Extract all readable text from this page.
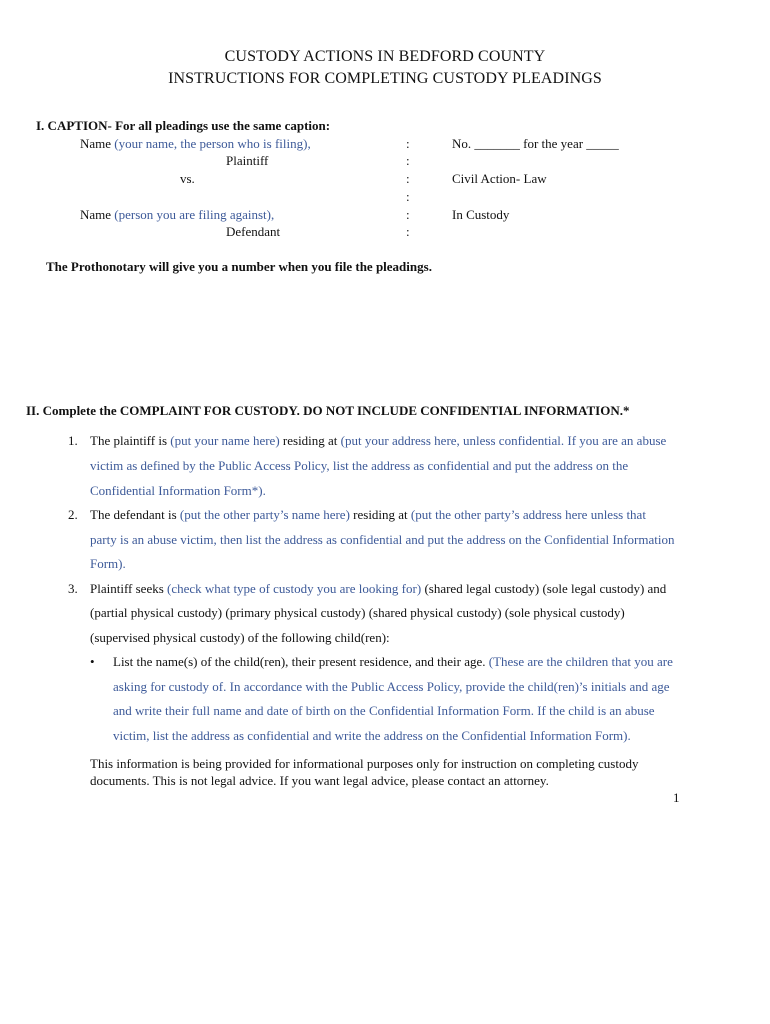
CUSTODY ACTIONS IN BEDFORD COUNTY
INSTRUCTIONS FOR COMPLETING CUSTODY PLEADINGS
I. CAPTION- For all pleadings use the same caption:
Name (your name, the person who is filing),
Plaintiff
vs.
Name (person you are filing against),
Defendant
:
:
:
:
:
:
No. _______ for the year _____
Civil Action- Law
In Custody
The Prothonotary will give you a number when you file the pleadings.
II. Complete the COMPLAINT FOR CUSTODY. DO NOT INCLUDE CONFIDENTIAL INFORMATION.*
1. The plaintiff is (put your name here) residing at (put your address here, unless confidential. If you are an abuse
victim as defined by the Public Access Policy, list the address as confidential and put the address on the
Confidential Information Form*).
2. The defendant is (put the other party’s name here) residing at (put the other party’s address here unless that
party is an abuse victim, then list the address as confidential and put the address on the Confidential Information
Form).
3. Plaintiff seeks (check what type of custody you are looking for) (shared legal custody) (sole legal custody) and
(partial physical custody) (primary physical custody) (shared physical custody) (sole physical custody)
(supervised physical custody) of the following child(ren):
• List the name(s) of the child(ren), their present residence, and their age. (These are the children that you are
asking for custody of. In accordance with the Public Access Policy, provide the child(ren)’s initials and age
and write their full name and date of birth on the Confidential Information Form. If the child is an abuse
victim, list the address as confidential and write the address on the Confidential Information Form).
This information is being provided for informational purposes only for instruction on completing custody
documents. This is not legal advice. If you want legal advice, please contact an attorney.
1
